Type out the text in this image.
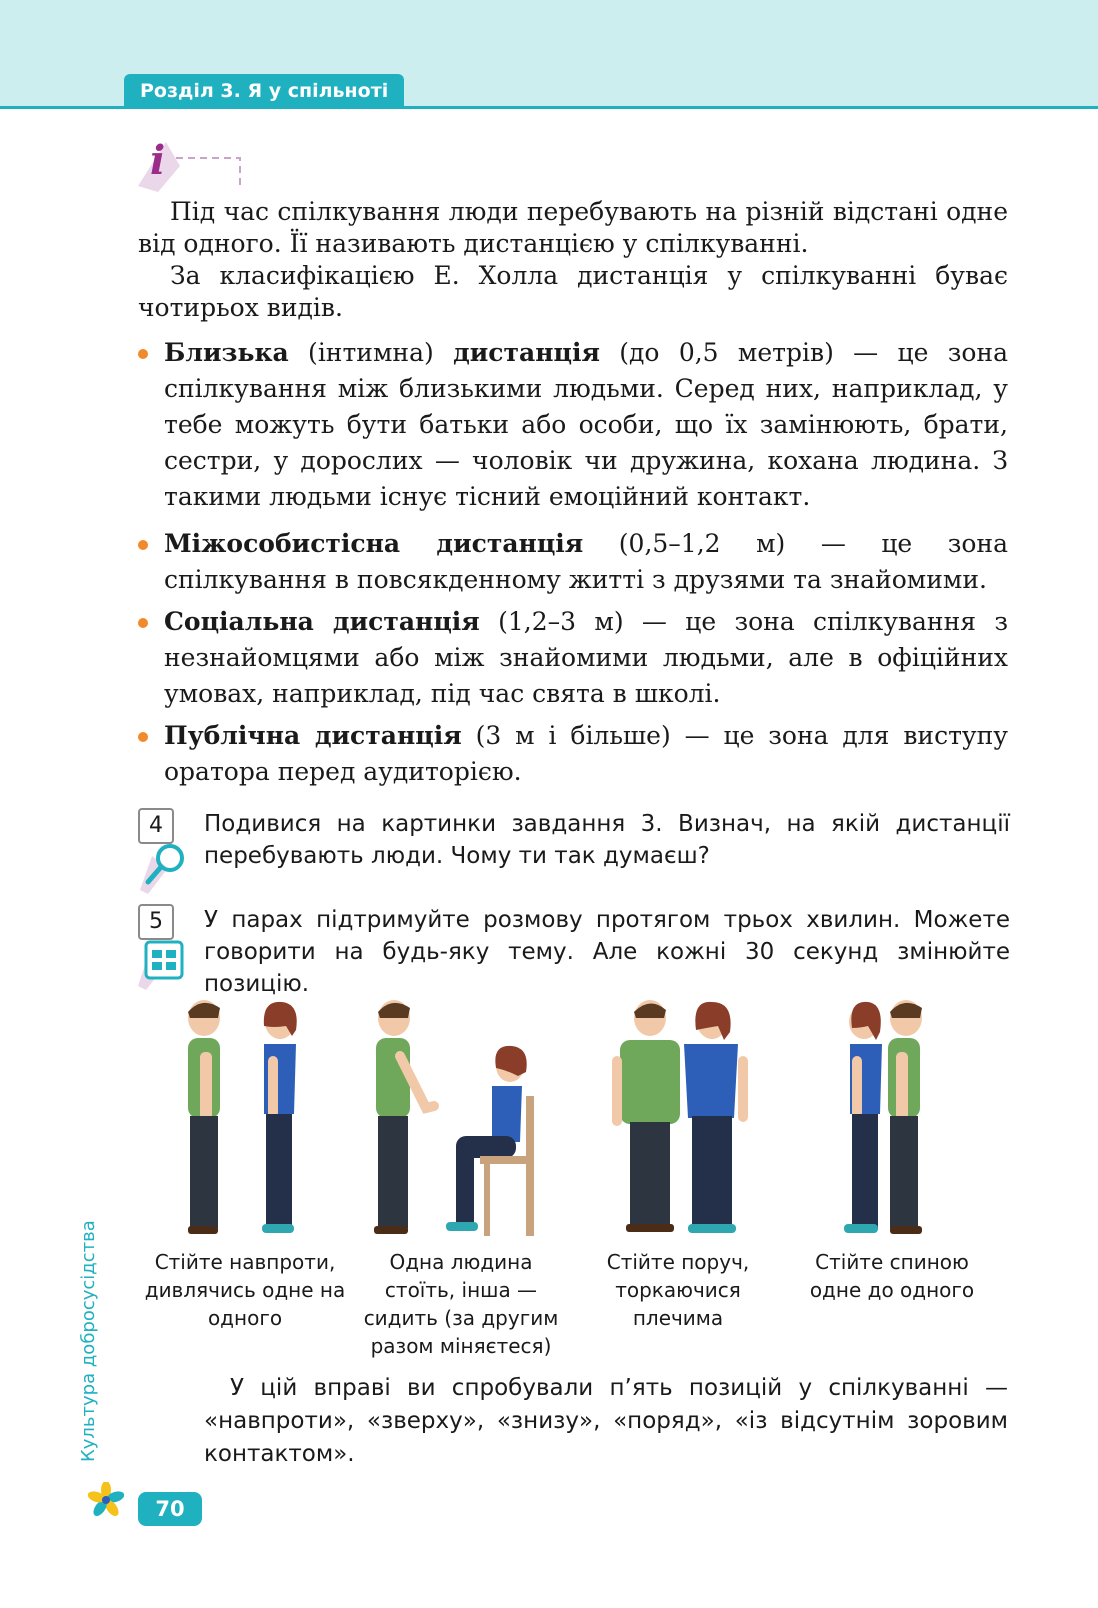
Розділ 3. Я у спільноті
i

Під час спілкування люди перебувають на різній відстані одне від одного. Її називають дистанцією у спілкуванні.

За класифікацією Е. Холла дистанція у спілкуванні буває чотирьох видів.

Близька (інтимна) дистанція (до 0,5 метрів) — це зона спілкування між близькими людьми. Серед них, наприклад, у тебе можуть бути батьки або особи, що їх замінюють, брати, сестри, у дорослих — чоловік чи дружина, кохана людина. З такими людьми існує тісний емоційний контакт.
Міжособистісна дистанція (0,5–1,2 м) — це зона спілкування в повсякденному житті з друзями та знайомими.
Соціальна дистанція (1,2–3 м) — це зона спілкування з незнайомцями або між знайомими людьми, але в офіційних умовах, наприклад, під час свята в школі.
Публічна дистанція (3 м і більше) — це зона для виступу оратора перед аудиторією.
4	Подивися на картинки завдання 3. Визнач, на якій дистанції перебувають люди. Чому ти так думаєш?

5	У парах підтримуйте розмову протягом трьох хвилин. Можете говорити на будь-яку тему. Але кожні 30 секунд змінюйте позицію.

Стійте навпроти, дивлячись одне на одного

Одна людина стоїть, інша — сидить (за другим разом міняєтеся)

Стійте поруч, торкаючися плечима

Стійте спиною одне до одного

У цій вправі ви спробували п’ять позицій у спілкуванні — «навпроти», «зверху», «знизу», «поряд», «із відсутнім зоровим контактом».

Культура добросусідства
70
